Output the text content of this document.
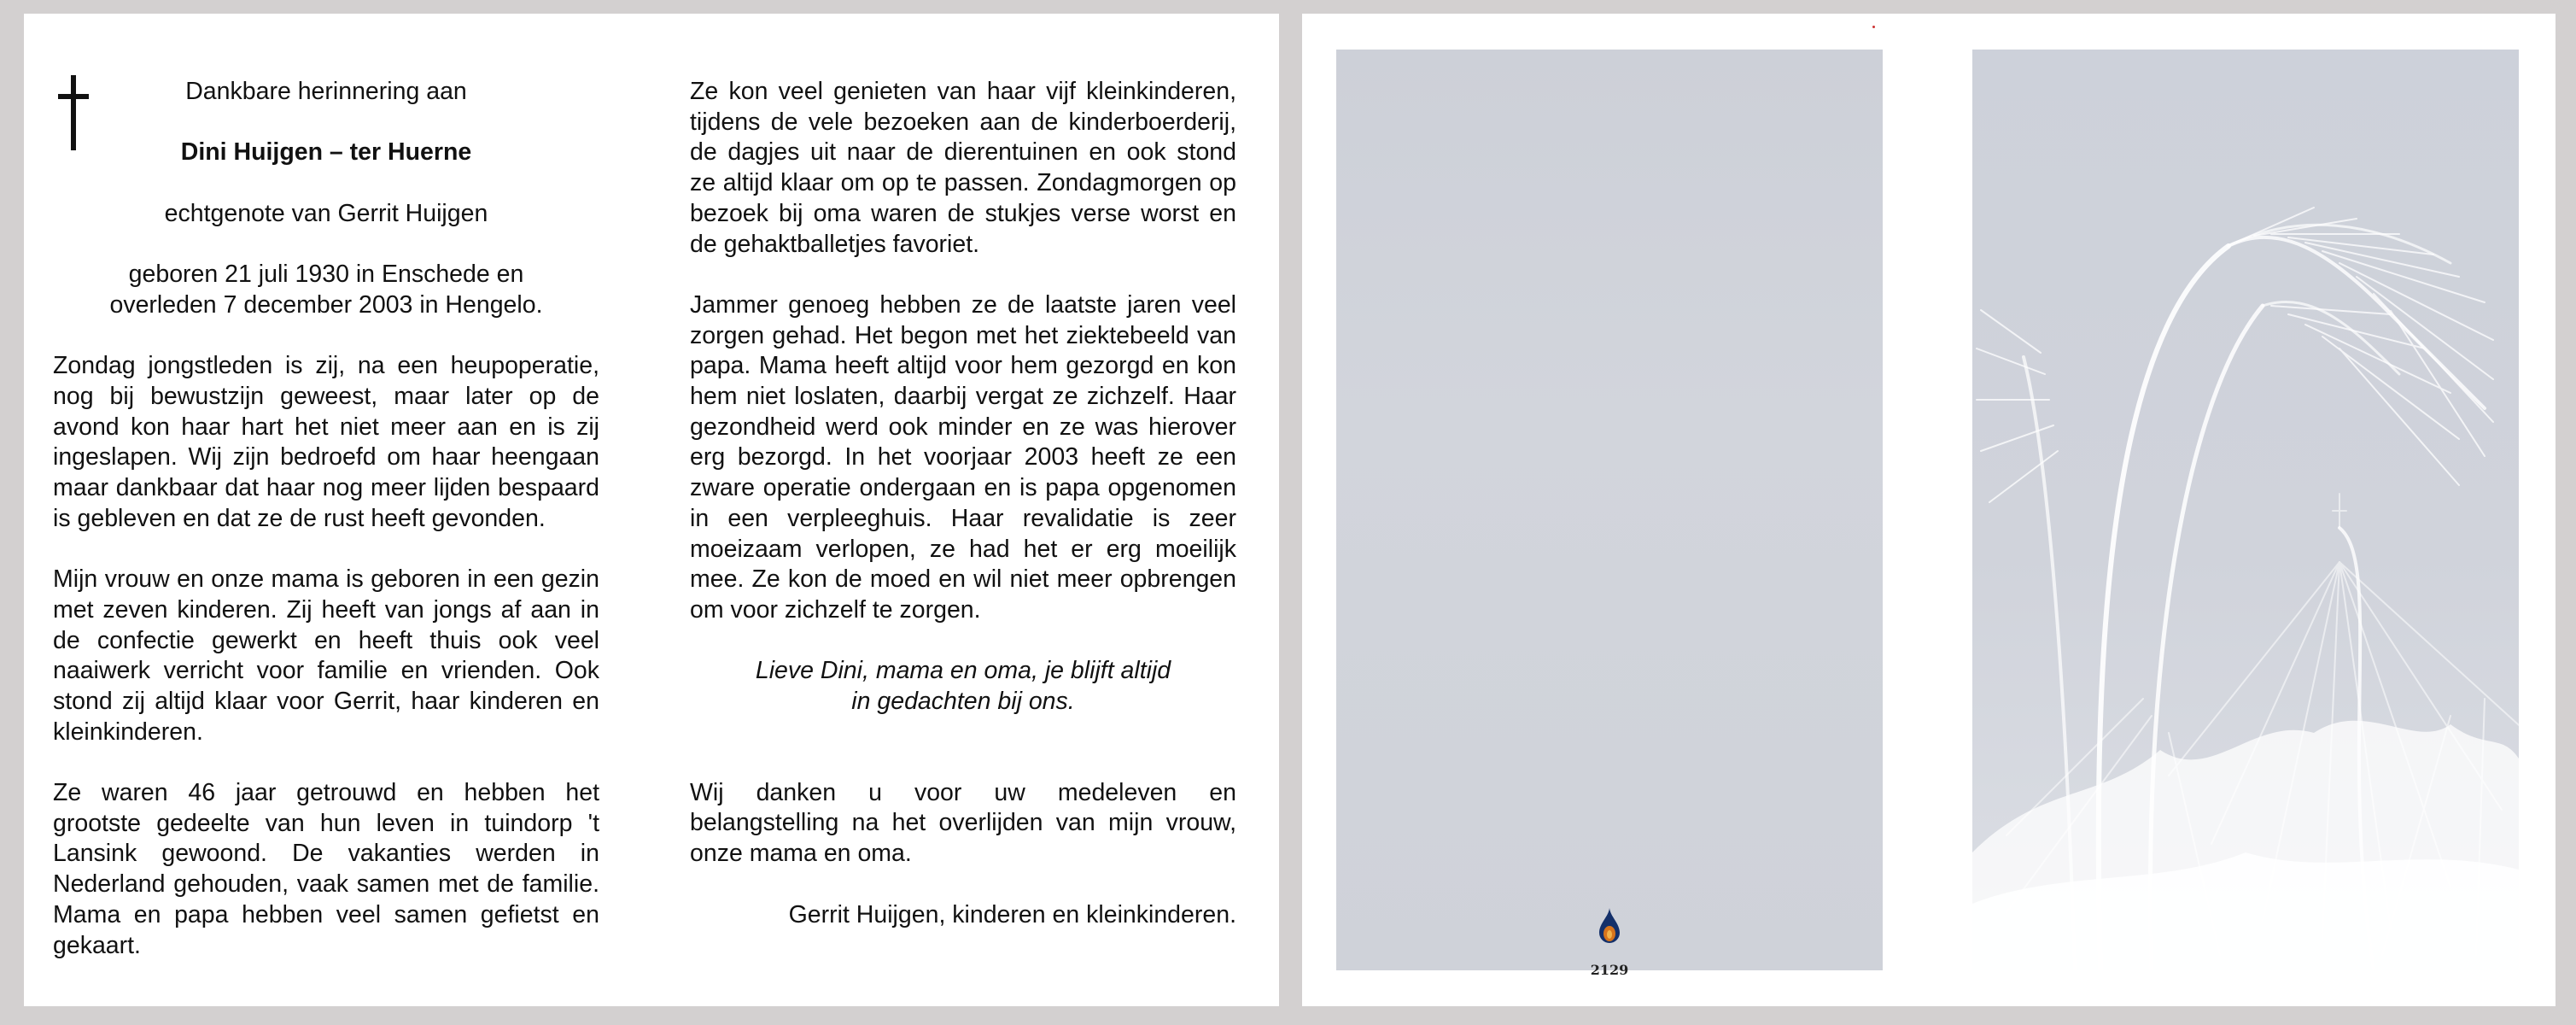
Dankbare herinnering aan

Dini Huijgen – ter Huerne

echtgenote van Gerrit Huijgen

geboren 21 juli 1930 in Enschede en
overleden 7 december 2003 in Hengelo.

Zondag jongstleden is zij, na een heupoperatie, nog bij bewustzijn geweest, maar later op de avond kon haar hart het niet meer aan en is zij ingeslapen. Wij zijn bedroefd om haar heengaan maar dankbaar dat haar nog meer lijden bespaard is gebleven en dat ze de rust heeft gevonden.

Mijn vrouw en onze mama is geboren in een gezin met zeven kinderen. Zij heeft van jongs af aan in de confectie gewerkt en heeft thuis ook veel naaiwerk verricht voor familie en vrienden. Ook stond zij altijd klaar voor Gerrit, haar kinderen en kleinkinderen.

Ze waren 46 jaar getrouwd en hebben het grootste gedeelte van hun leven in tuindorp 't Lansink gewoond. De vakanties werden in Nederland gehouden, vaak samen met de familie. Mama en papa hebben veel samen gefietst en gekaart.

Ze kon veel genieten van haar vijf kleinkinderen, tijdens de vele bezoeken aan de kinderboerderij, de dagjes uit naar de dierentuinen en ook stond ze altijd klaar om op te passen. Zondagmorgen op bezoek bij oma waren de stukjes verse worst en de gehaktballetjes favoriet.

Jammer genoeg hebben ze de laatste jaren veel zorgen gehad. Het begon met het ziektebeeld van papa. Mama heeft altijd voor hem gezorgd en kon hem niet loslaten, daarbij vergat ze zichzelf. Haar gezondheid werd ook minder en ze was hierover erg bezorgd. In het voorjaar 2003 heeft ze een zware operatie ondergaan en is papa opgenomen in een verpleeghuis. Haar revalidatie is zeer moeizaam verlopen, ze had het er erg moeilijk mee. Ze kon de moed en wil niet meer opbrengen om voor zichzelf te zorgen.

Lieve Dini, mama en oma, je blijft altijd
in gedachten bij ons.

Wij danken u voor uw medeleven en belangstelling na het overlijden van mijn vrouw, onze mama en oma.

Gerrit Huijgen, kinderen en kleinkinderen.

2129
